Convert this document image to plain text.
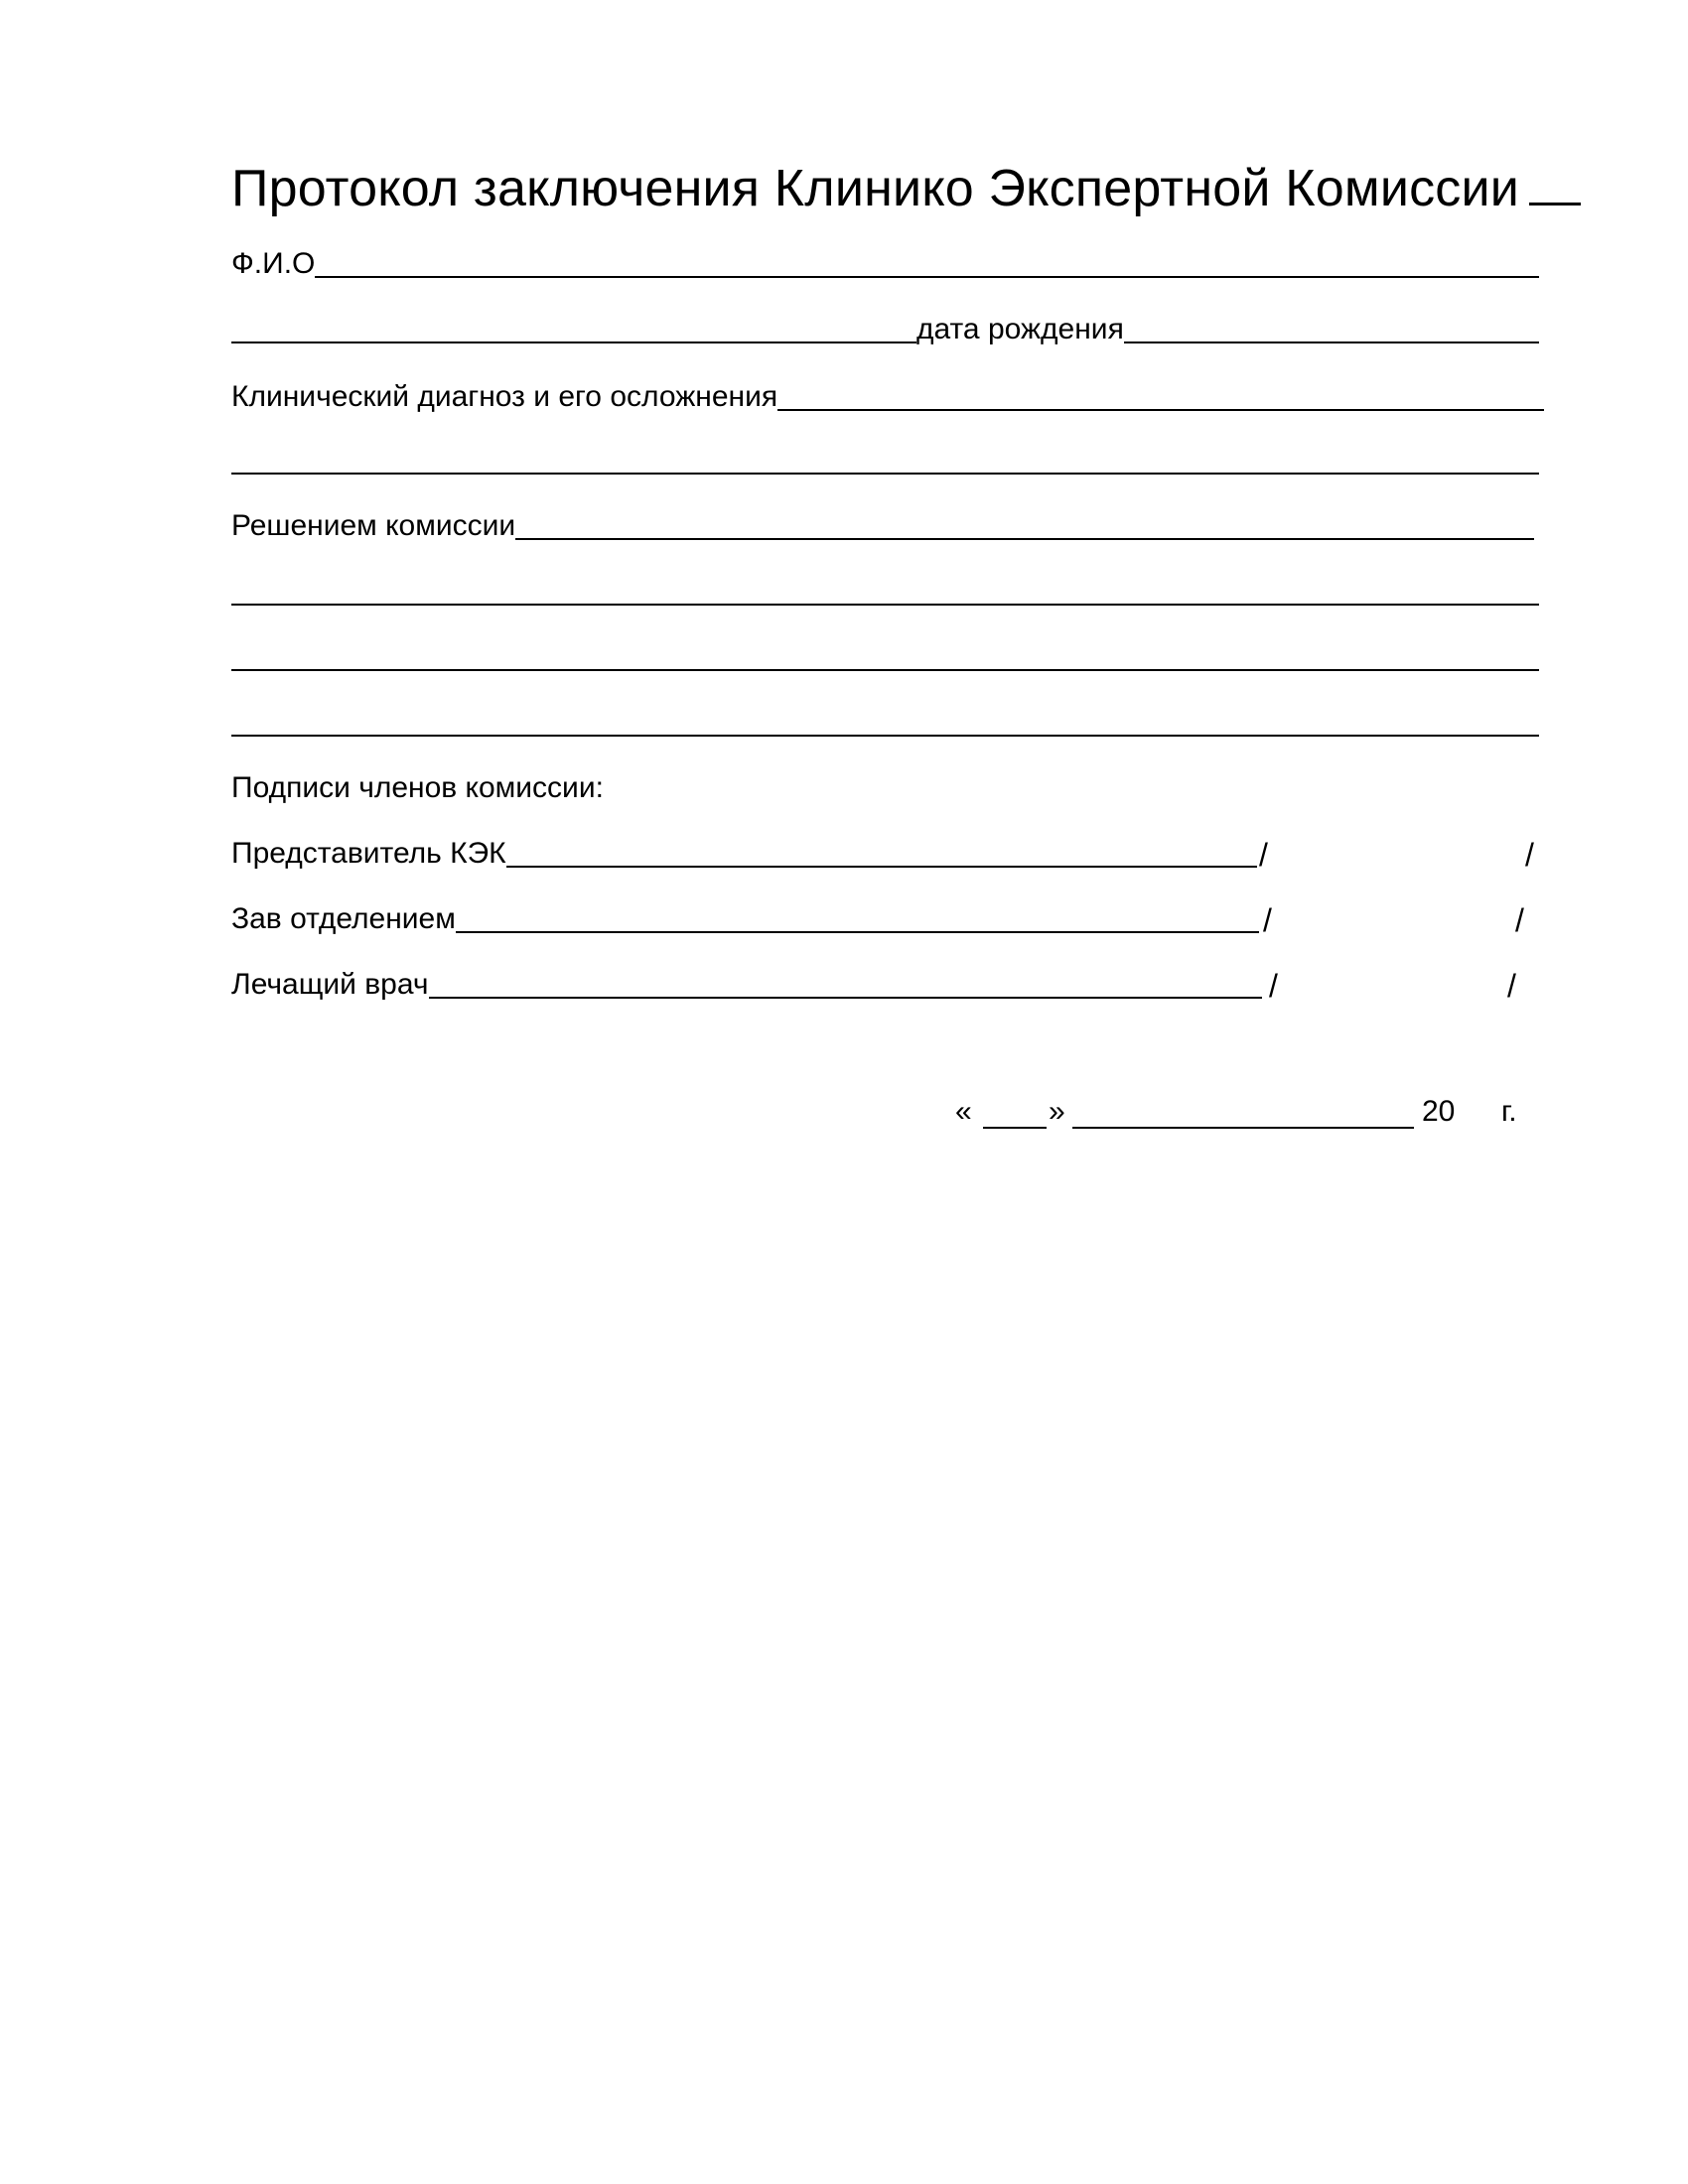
Протокол заключения Клинико Экспертной Комиссии
Ф.И.О
дата рождения
Клинический диагноз и его осложнения
Решением комиссии
Подписи членов комиссии:
Представитель КЭК	/	/
Зав отделением	/	/
Лечащий врач	/	/
«	»	20 г.
